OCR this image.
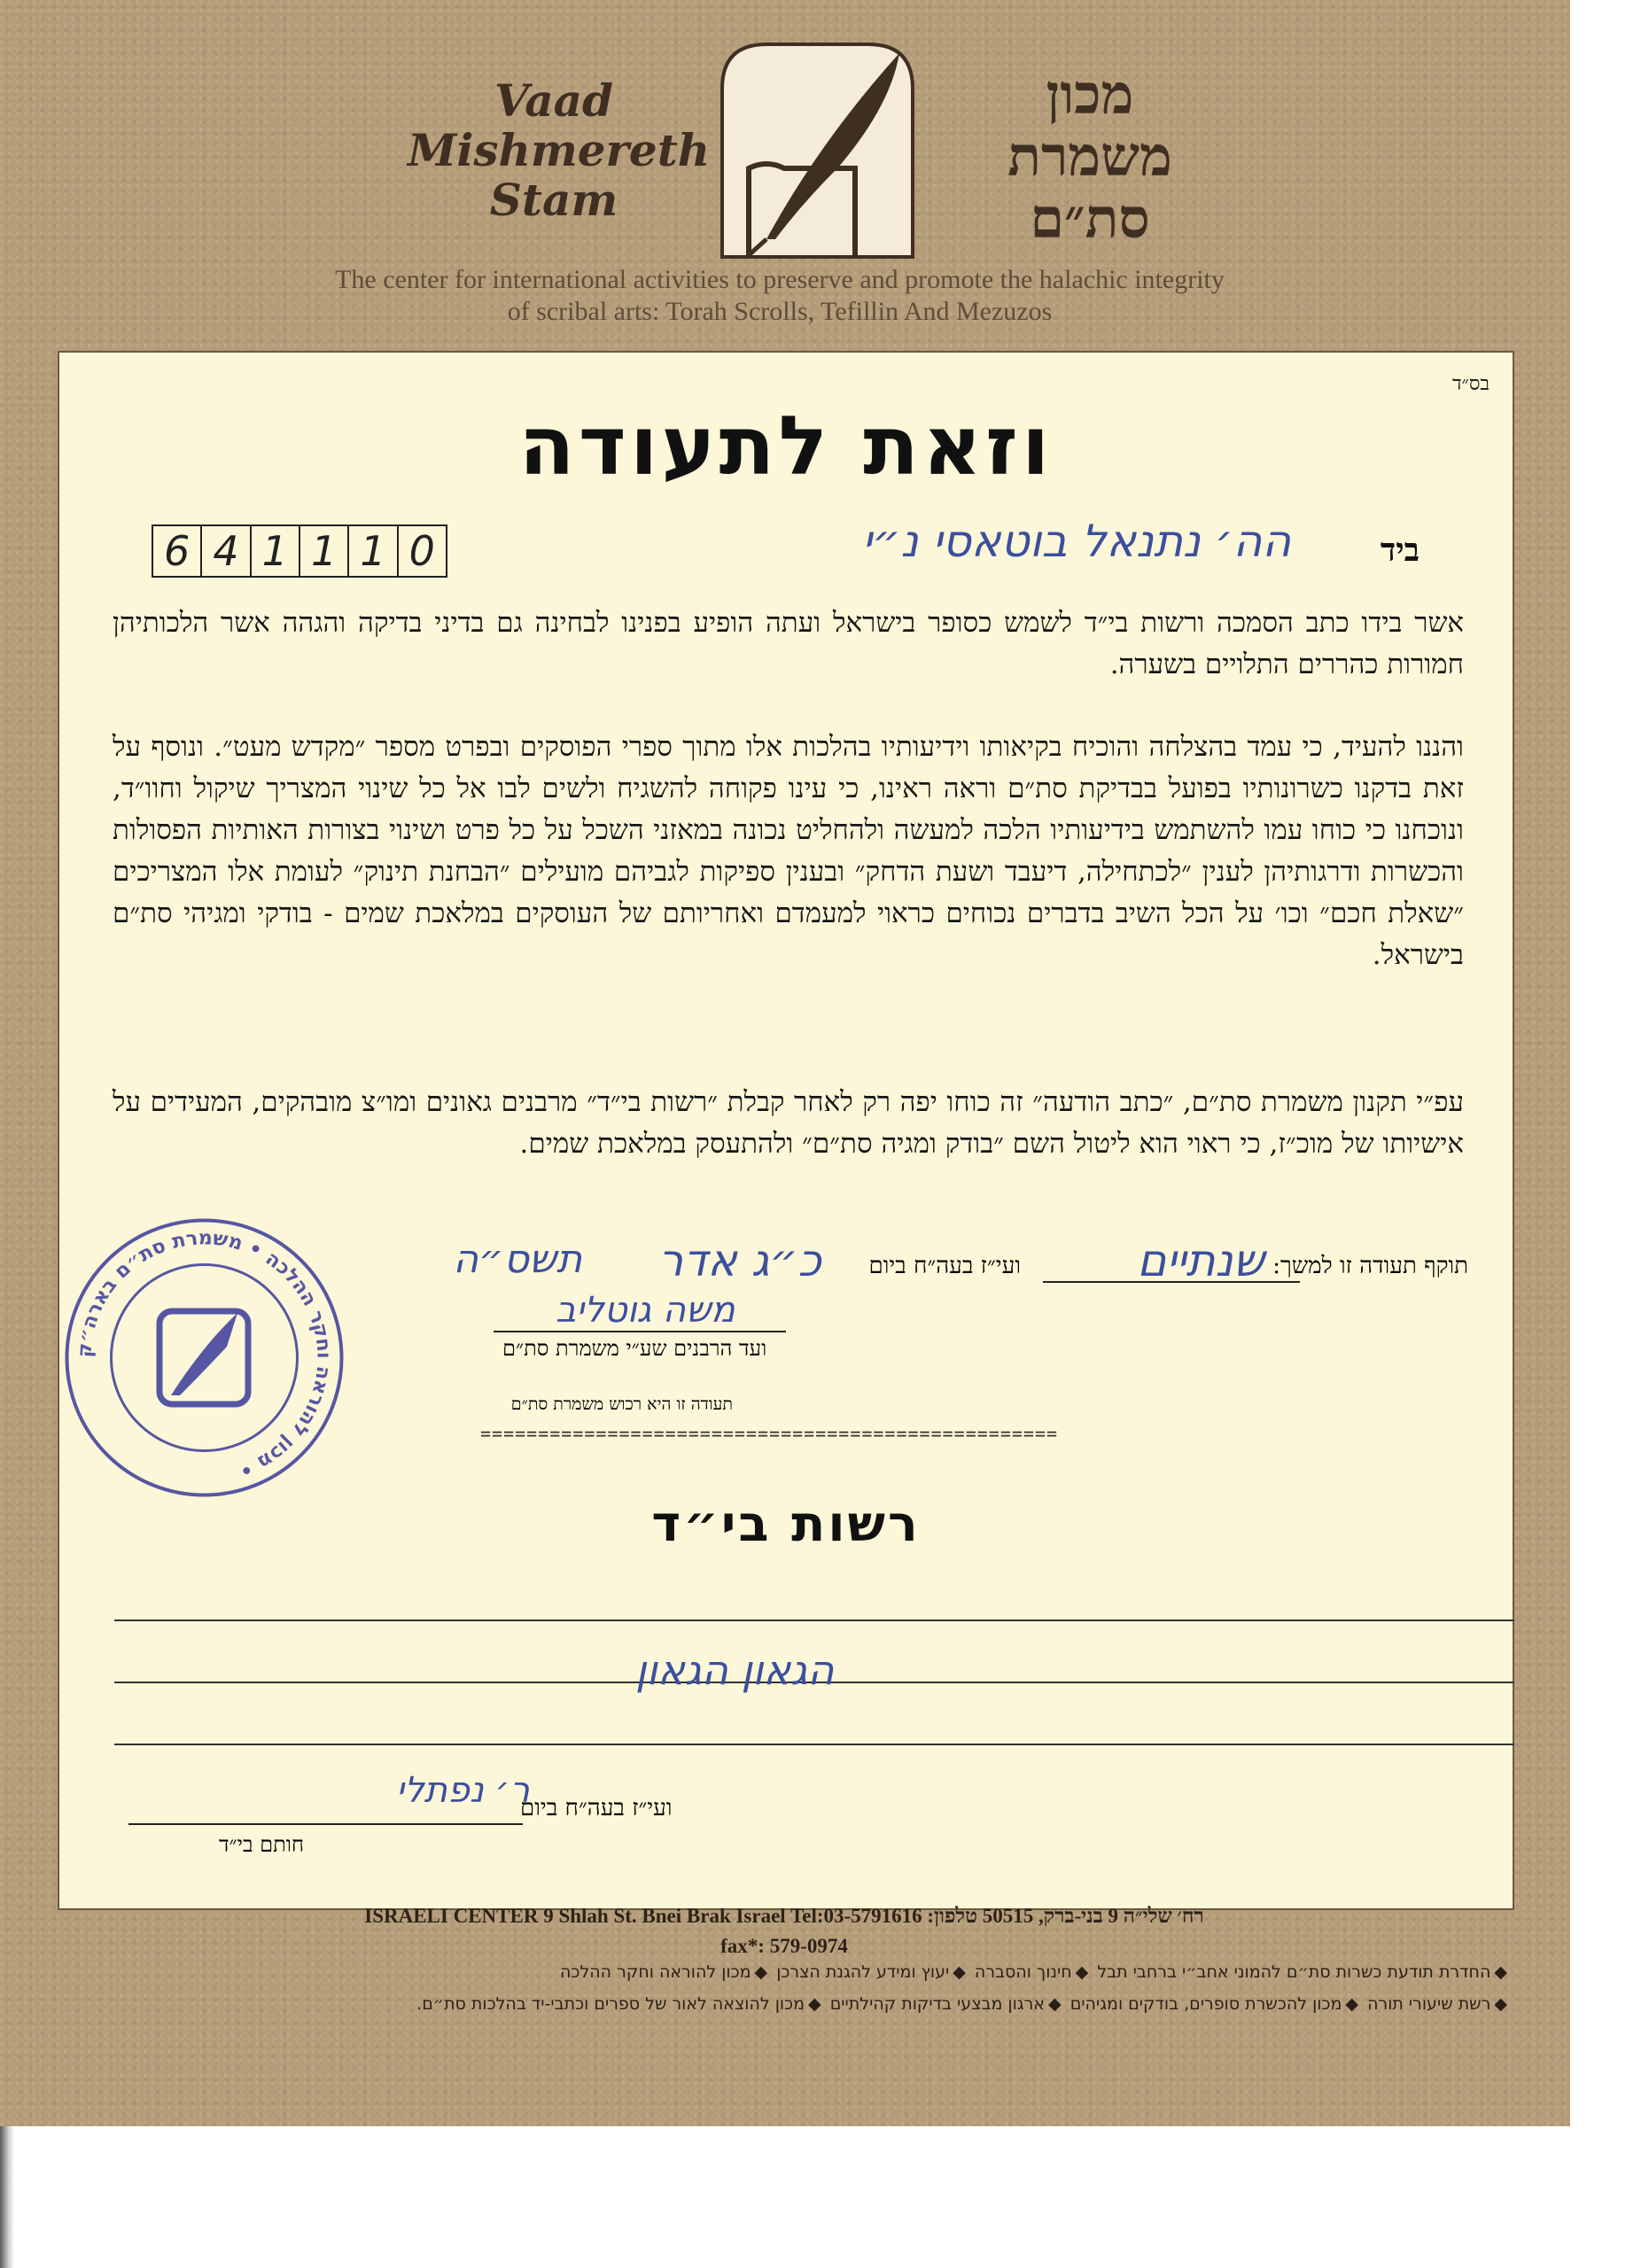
Vaad
Mishmereth
Stam
מכון
משמרת
סת״ם
The center for international activities to preserve and promote the halachic integrity
of scribal arts: Torah Scrolls, Tefillin And Mezuzos
בס״ד
וזאת לתעודה
6 4 1 1 1 0	ביד
הה׳ נתנאל בוטאסי נ״י
אשר בידו כתב הסמכה ורשות בי״ד לשמש כסופר בישראל ועתה הופיע בפנינו לבחינה גם בדיני בדיקה והגהה אשר הלכותיהן חמורות כהררים התלויים בשערה.
והננו להעיד, כי עמד בהצלחה והוכיח בקיאותו וידיעותיו בהלכות אלו מתוך ספרי הפוסקים ובפרט מספר ״מקדש מעט״. ונוסף על זאת בדקנו כשרונותיו בפועל בבדיקת סת״ם וראה ראינו, כי עינו פקוחה להשגיח ולשים לבו אל כל שינוי המצריך שיקול וחוו״ד, ונוכחנו כי כוחו עמו להשתמש בידיעותיו הלכה למעשה ולהחליט נכונה במאזני השכל על כל פרט ושינוי בצורות האותיות הפסולות והכשרות ודרגותיהן לענין ״לכתחילה, דיעבד ושעת הדחק״ ובענין ספיקות לגביהם מועילים ״הבחנת תינוק״ לעומת אלו המצריכים ״שאלת חכם״ וכו׳ על הכל השיב בדברים נכוחים כראוי למעמדם ואחריותם של העוסקים במלאכת שמים - בודקי ומגיהי סת״ם בישראל.
עפ״י תקנון משמרת סת״ם, ״כתב הודעה״ זה כוחו יפה רק לאחר קבלת ״רשות בי״ד״ מרבנים גאונים ומו״צ מובהקים, המעידים על אישיותו של מוכ״ז, כי ראוי הוא ליטול השם ״בודק ומגיה סת״ם״ ולהתעסק במלאכת שמים.
תוקף תעודה זו למשך:
שנתיים
ועי״ז בעה״ח ביום
כ״ג אדר
תשס״ה
משה גוטליב
ועד הרבנים שע״י משמרת סת״ם
תעודה זו היא רכוש משמרת סת״ם
==================================================
רשות בי״ד
הגאון הגאון
ר׳ נפתלי
ועי״ז בעה״ח ביום
חותם בי״ד
ISRAELI CENTER 9 Shlah St. Bnei Brak Israel Tel:03-5791616 :רח׳ שלי״ה 9 בני-ברק, 50515 טלפון
fax*: 579-0974
◆החדרת תודעת כשרות סת״ם להמוני אחב״י ברחבי תבל ◆חינוך והסברה ◆יעוץ ומידע להגנת הצרכן ◆מכון להוראה וחקר ההלכה
◆רשת שיעורי תורה ◆מכון להכשרת סופרים, בודקים ומגיהים ◆ארגון מבצעי בדיקות קהילתיים ◆מכון להוצאה לאור של ספרים וכתבי-יד בהלכות סת״ם.
מכון להוראה וחקר ההלכה • משמרת סת״ם בארה״ק •
